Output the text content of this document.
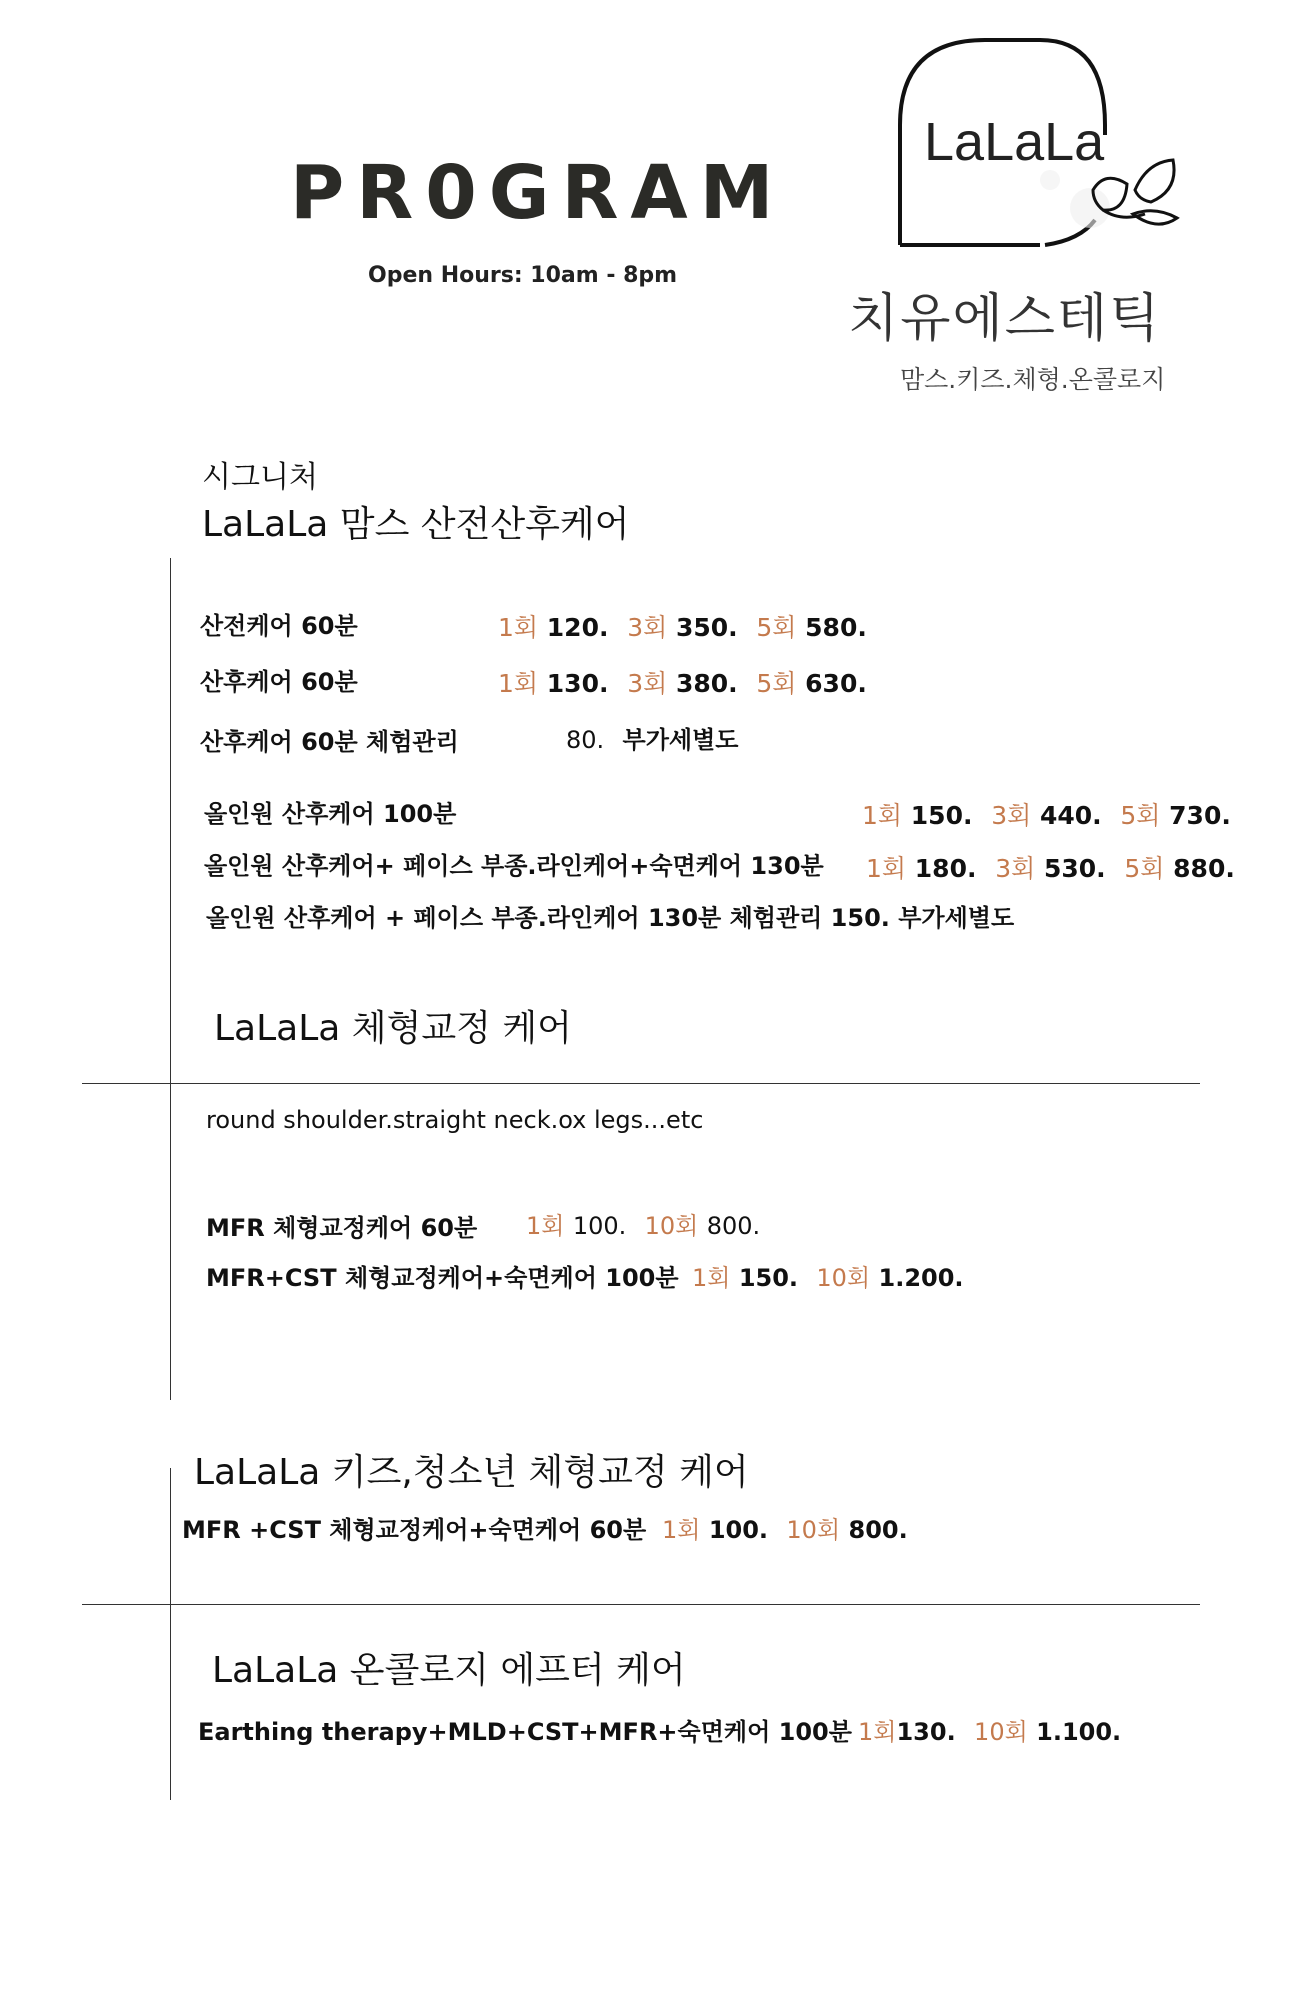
PR0GRAM
Open Hours: 10am - 8pm
LaLaLa
치유에스테틱
맘스.키즈.체형.온콜로지
시그니처
LaLaLa 맘스 산전산후케어
산전케어 60분	1회 120. 3회 350. 5회 580.
산후케어 60분	1회 130. 3회 380. 5회 630.
산후케어 60분 체험관리	80. 부가세별도
올인원 산후케어 100분	1회 150. 3회 440. 5회 730.
올인원 산후케어+ 페이스 부종.라인케어+숙면케어 130분 1회 180. 3회 530. 5회 880.
올인원 산후케어 + 페이스 부종.라인케어 130분 체험관리 150. 부가세별도
LaLaLa 체형교정 케어
round shoulder.straight neck.ox legs...etc
MFR 체형교정케어 60분 1회 100. 10회 800.
MFR+CST 체형교정케어+숙면케어 100분 1회 150. 10회 1.200.
LaLaLa 키즈,청소년 체형교정 케어
MFR +CST 체형교정케어+숙면케어 60분 1회 100. 10회 800.
LaLaLa 온콜로지 에프터 케어
Earthing therapy+MLD+CST+MFR+숙면케어 100분 1회130. 10회 1.100.
